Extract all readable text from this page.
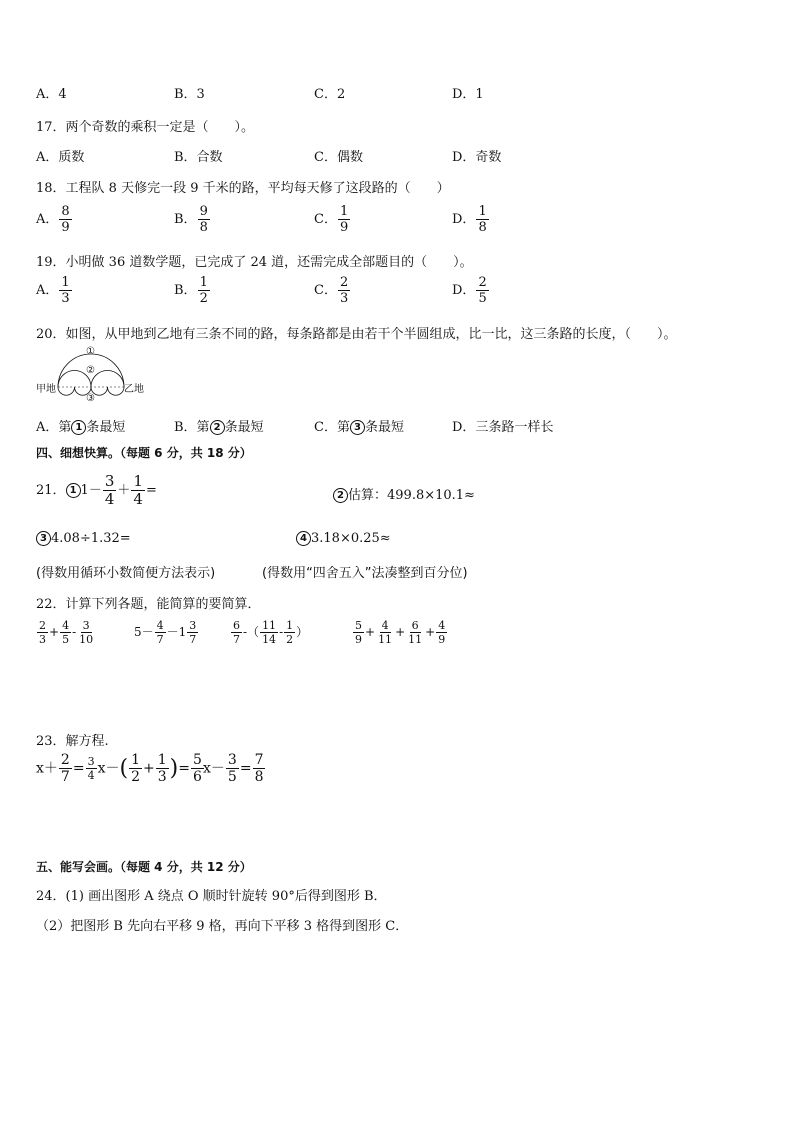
A．4	B．3	C．2	D．1
17．两个奇数的乘积一定是（　　）。
A．质数	B．合数	C．偶数	D．奇数
18．工程队 8 天修完一段 9 千米的路，平均每天修了这段路的（　　）
A． $\frac{8}{9}$	B． $\frac{9}{8}$	C． $\frac{1}{9}$	D． $\frac{1}{8}$
19．小明做 36 道数学题，已完成了 24 道，还需完成全部题目的（　　）。
A． $\frac{1}{3}$	B． $\frac{1}{2}$	C． $\frac{2}{3}$	D． $\frac{2}{5}$
20．如图，从甲地到乙地有三条不同的路，每条路都是由若干个半圆组成，比一比，这三条路的长度，（　　）。
甲地	乙地
①
②
③
A．第 1 条最短	B．第 2 条最短	C．第 3 条最短	D．三条路一样长
四、细想快算。（每题 6 分，共 18 分）
21． 1 $1- \frac{3}{4} + \frac{1}{4}$ =	2 估算：499.8×10.1≈
3 4.08÷1.32=	4 3.18×0.25≈
(得数用循环小数简便方法表示)	(得数用“四舍五入”法凑整到百分位)
22．计算下列各题，能简算的要简算．
$\frac{2}{3} + \frac{4}{5} - \frac{3}{10}$	$5- \frac{4}{7} -1 \frac{3}{7}$	$\frac{6}{7}$ -（ $\frac{11}{14} - \frac{1}{2}$ ）	$\frac{5}{9} + \frac{4}{11} + \frac{6}{11} + \frac{4}{9}$
23．解方程.
$x+ \frac{2}{7} = \frac{3}{4} x-( \frac{1}{2} + \frac{1}{3}$ )= $\frac{5}{6} x- \frac{3}{5} = \frac{7}{8}$
五、能写会画。（每题 4 分，共 12 分）
24．(1) 画出图形 A 绕点 O 顺时针旋转 90°后得到图形 B．
（2）把图形 B 先向右平移 9 格，再向下平移 3 格得到图形 C．
